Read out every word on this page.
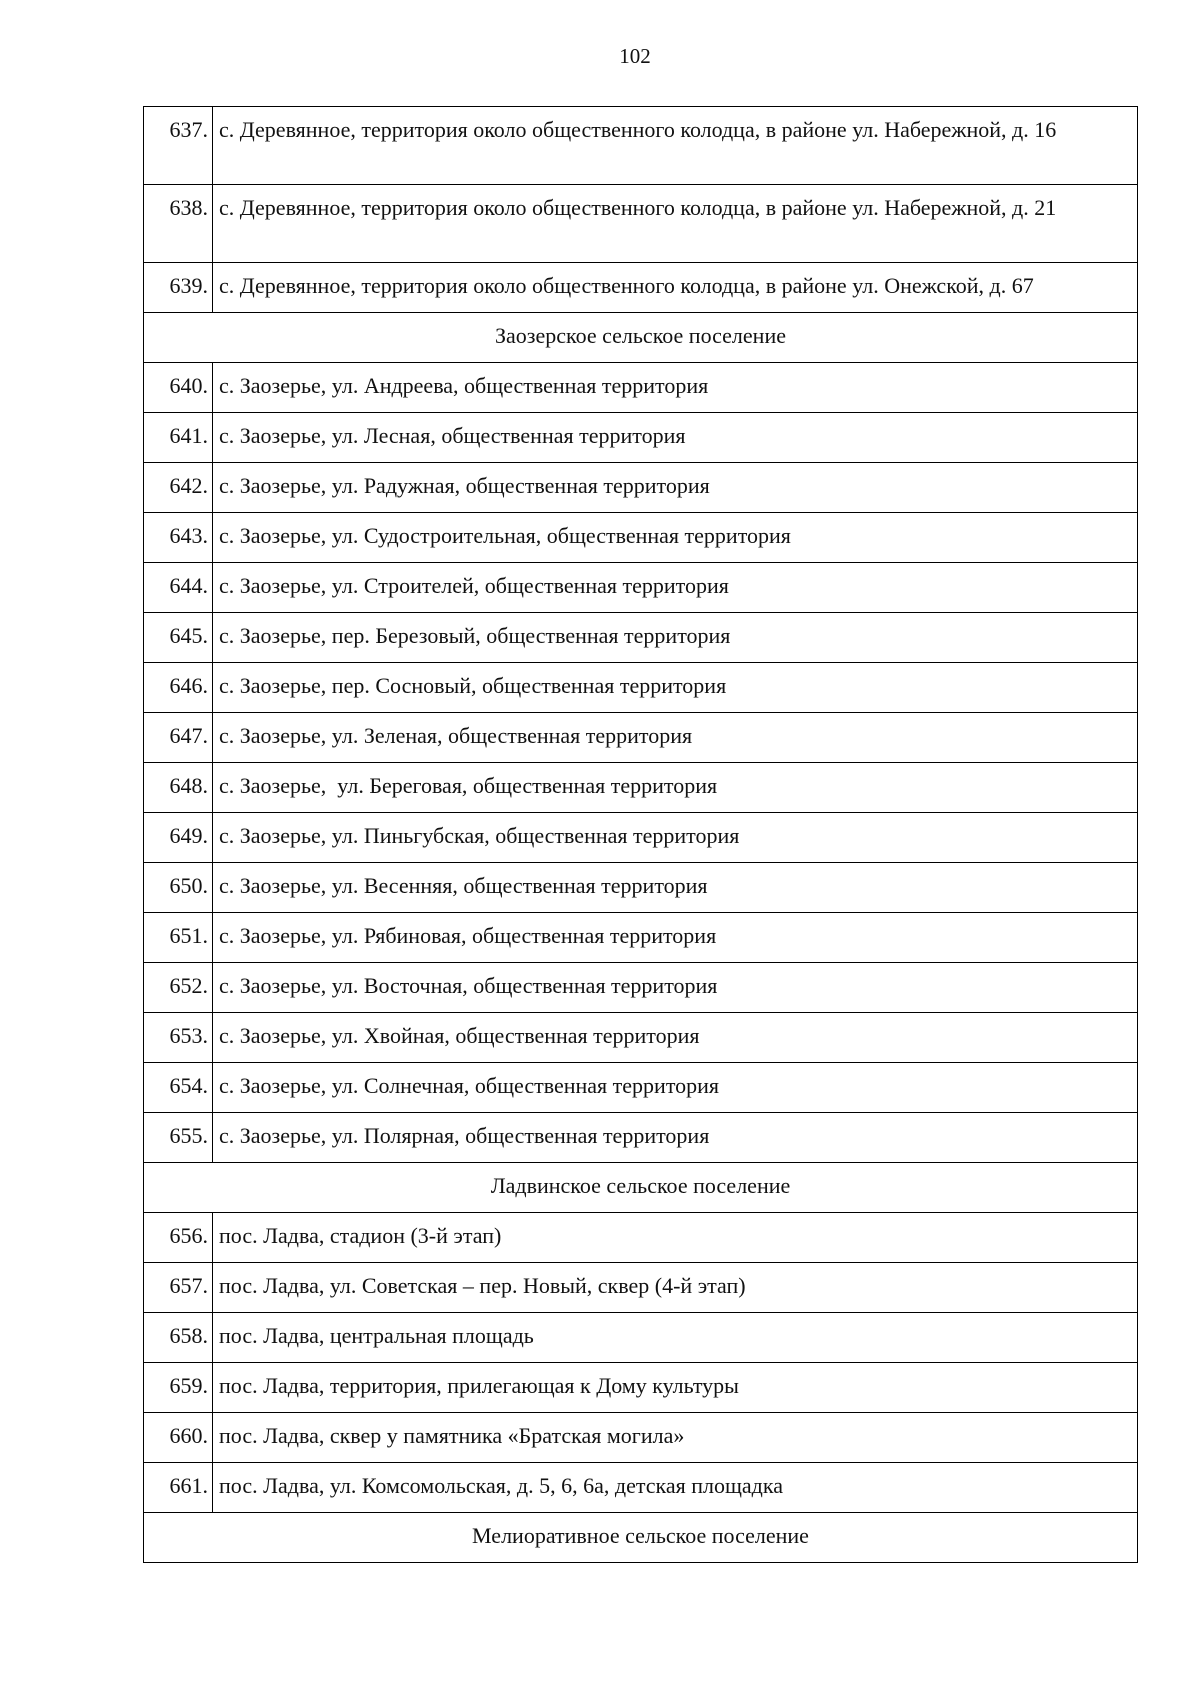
102
637.	с. Деревянное, территория около общественного колодца, в районе ул. Набережной, д. 16
638.	с. Деревянное, территория около общественного колодца, в районе ул. Набережной, д. 21
639.	с. Деревянное, территория около общественного колодца, в районе ул. Онежской, д. 67
Заозерское сельское поселение	
640.	с. Заозерье, ул. Андреева, общественная территория
641.	с. Заозерье, ул. Лесная, общественная территория
642.	с. Заозерье, ул. Радужная, общественная территория
643.	с. Заозерье, ул. Судостроительная, общественная территория
644.	с. Заозерье, ул. Строителей, общественная территория
645.	с. Заозерье, пер. Березовый, общественная территория
646.	с. Заозерье, пер. Сосновый, общественная территория
647.	с. Заозерье, ул. Зеленая, общественная территория
648.	с. Заозерье,  ул. Береговая, общественная территория
649.	с. Заозерье, ул. Пиньгубская, общественная территория
650.	с. Заозерье, ул. Весенняя, общественная территория
651.	с. Заозерье, ул. Рябиновая, общественная территория
652.	с. Заозерье, ул. Восточная, общественная территория
653.	с. Заозерье, ул. Хвойная, общественная территория
654.	с. Заозерье, ул. Солнечная, общественная территория
655.	с. Заозерье, ул. Полярная, общественная территория
Ладвинское сельское поселение	
656.	пос. Ладва, стадион (3-й этап)
657.	пос. Ладва, ул. Советская – пер. Новый, сквер (4-й этап)
658.	пос. Ладва, центральная площадь
659.	пос. Ладва, территория, прилегающая к Дому культуры
660.	пос. Ладва, сквер у памятника «Братская могила»
661.	пос. Ладва, ул. Комсомольская, д. 5, 6, 6а, детская площадка
Мелиоративное сельское поселение	
